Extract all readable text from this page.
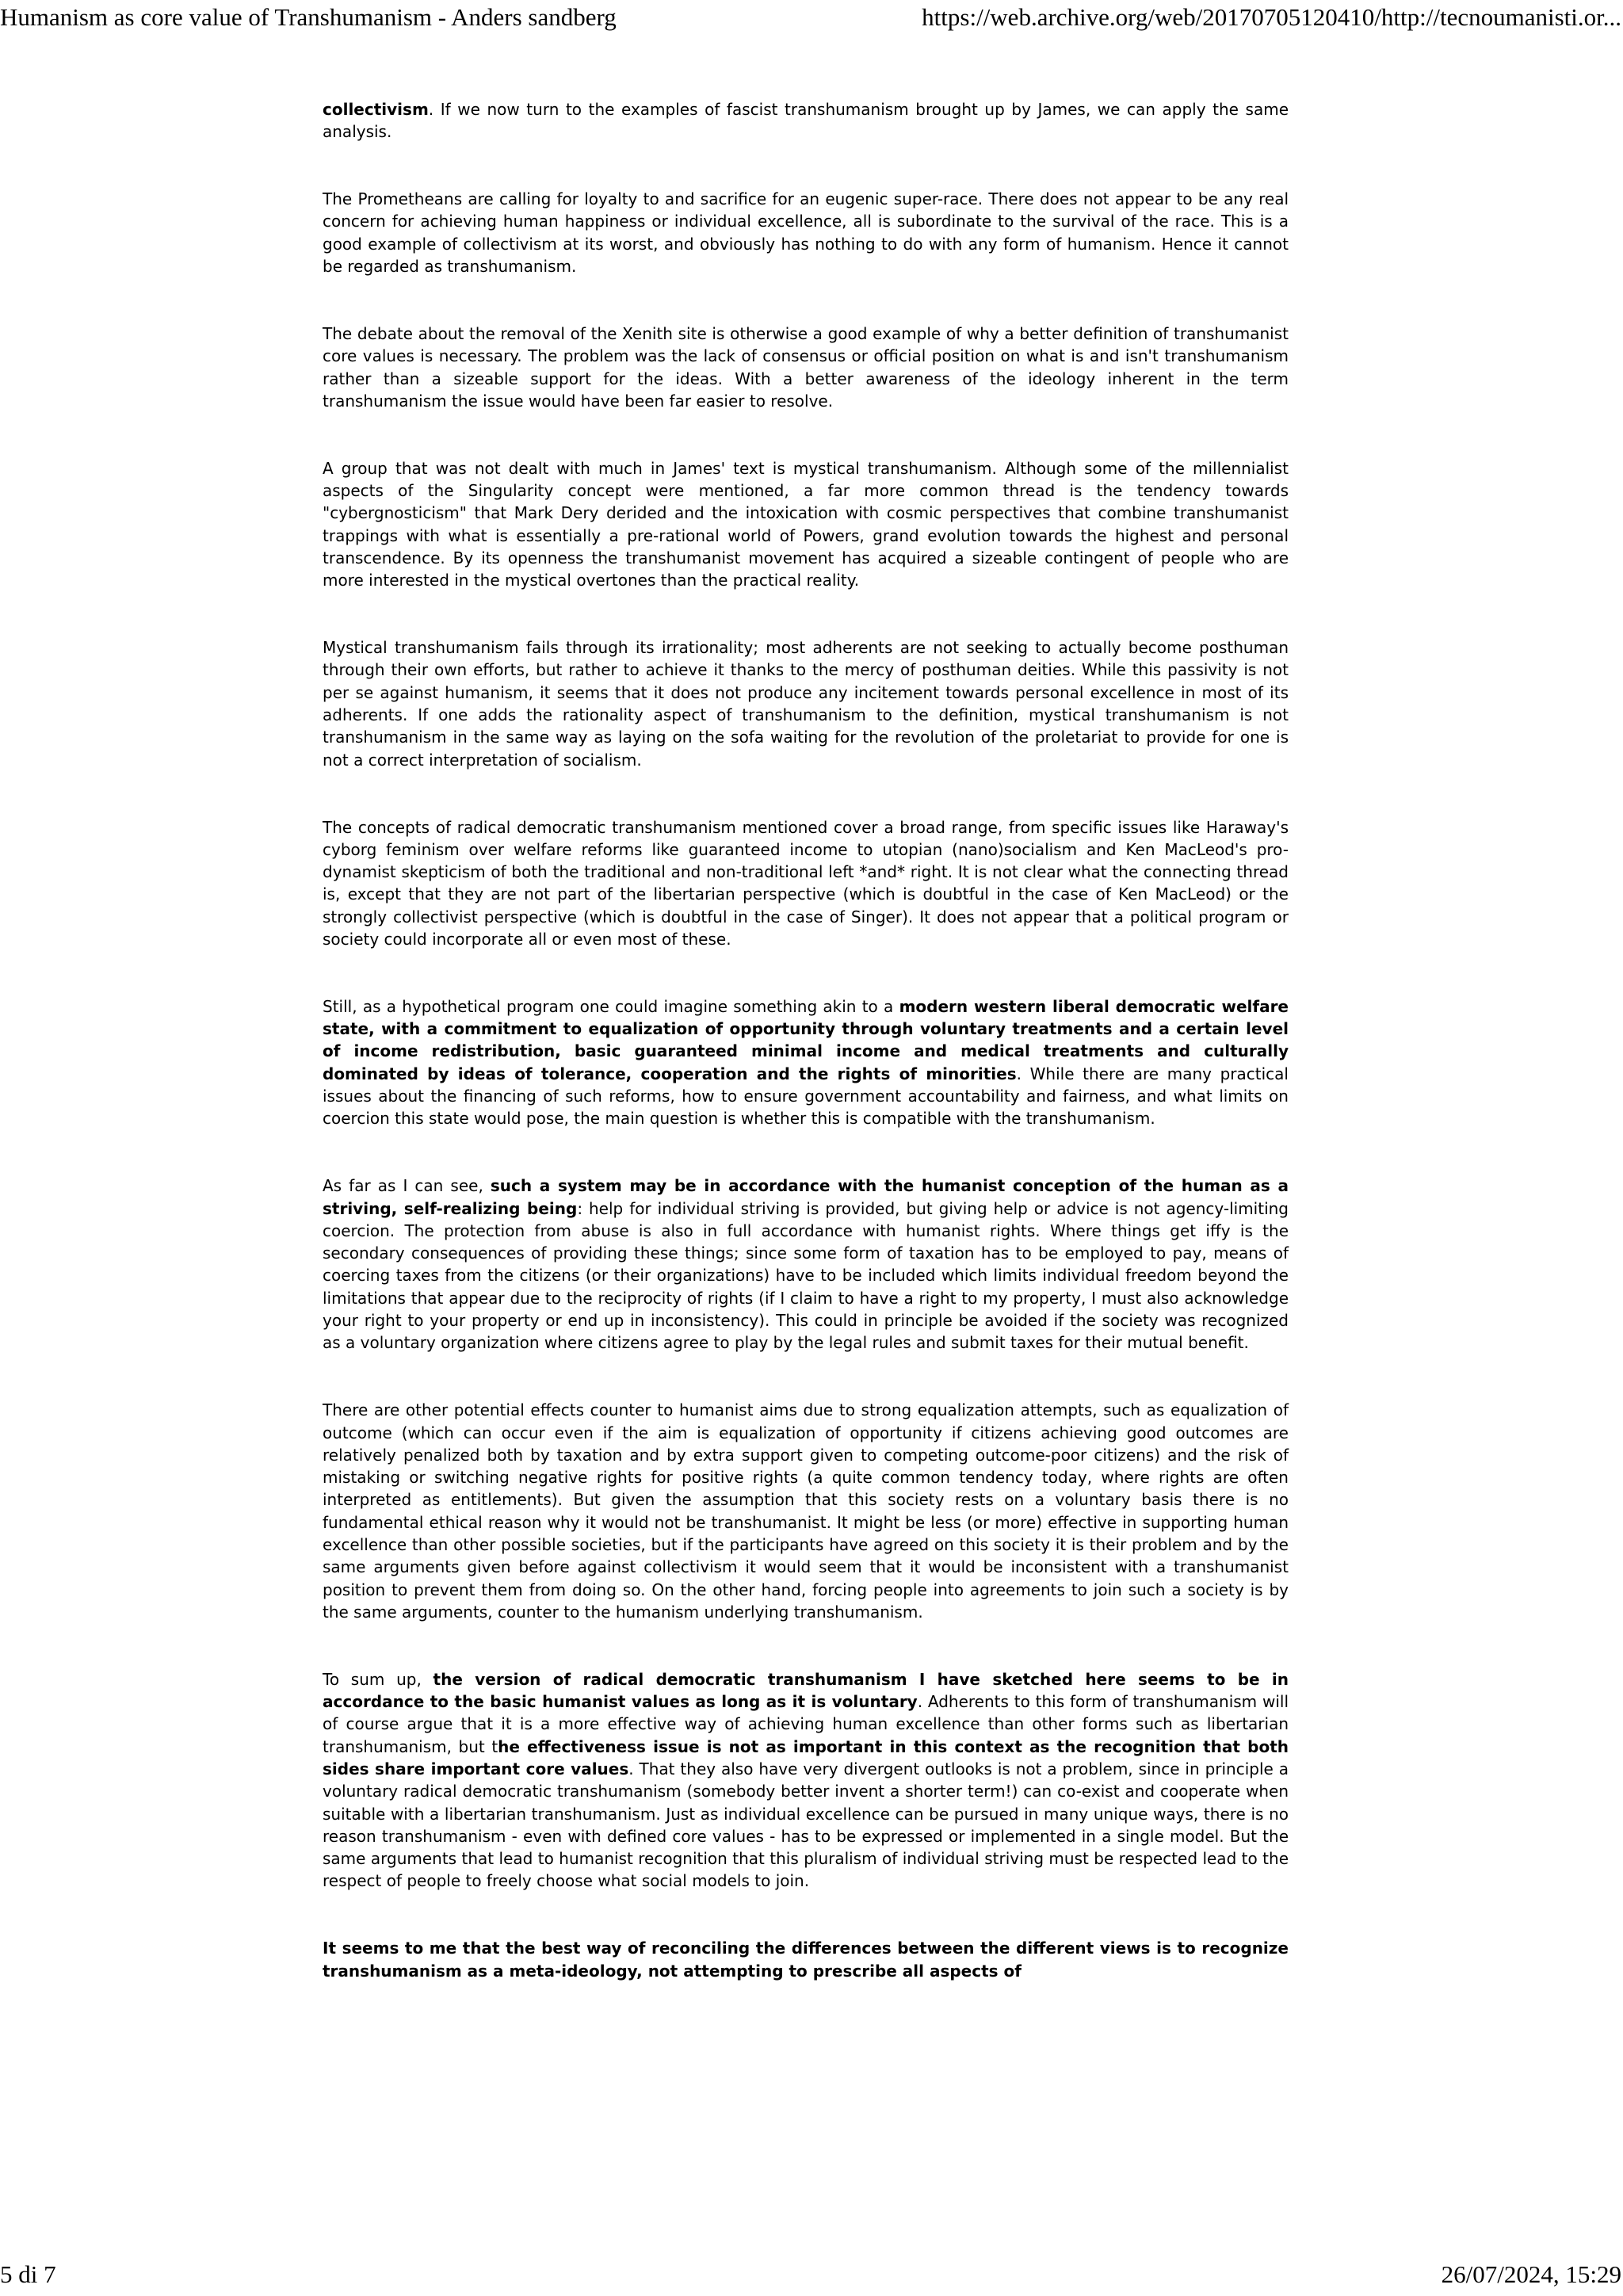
Humanism as core value of Transhumanism - Anders sandberg	https://web.archive.org/web/20170705120410/http://tecnoumanisti.or...

collectivism. If we now turn to the examples of fascist transhumanism brought up by James, we can apply the same analysis.

The Prometheans are calling for loyalty to and sacrifice for an eugenic super-race. There does not appear to be any real concern for achieving human happiness or individual excellence, all is subordinate to the survival of the race. This is a good example of collectivism at its worst, and obviously has nothing to do with any form of humanism. Hence it cannot be regarded as transhumanism.

The debate about the removal of the Xenith site is otherwise a good example of why a better definition of transhumanist core values is necessary. The problem was the lack of consensus or official position on what is and isn't transhumanism rather than a sizeable support for the ideas. With a better awareness of the ideology inherent in the term transhumanism the issue would have been far easier to resolve.

A group that was not dealt with much in James' text is mystical transhumanism. Although some of the millennialist aspects of the Singularity concept were mentioned, a far more common thread is the tendency towards "cybergnosticism" that Mark Dery derided and the intoxication with cosmic perspectives that combine transhumanist trappings with what is essentially a pre-rational world of Powers, grand evolution towards the highest and personal transcendence. By its openness the transhumanist movement has acquired a sizeable contingent of people who are more interested in the mystical overtones than the practical reality.

Mystical transhumanism fails through its irrationality; most adherents are not seeking to actually become posthuman through their own efforts, but rather to achieve it thanks to the mercy of posthuman deities. While this passivity is not per se against humanism, it seems that it does not produce any incitement towards personal excellence in most of its adherents. If one adds the rationality aspect of transhumanism to the definition, mystical transhumanism is not transhumanism in the same way as laying on the sofa waiting for the revolution of the proletariat to provide for one is not a correct interpretation of socialism.

The concepts of radical democratic transhumanism mentioned cover a broad range, from specific issues like Haraway's cyborg feminism over welfare reforms like guaranteed income to utopian (nano)socialism and Ken MacLeod's pro-dynamist skepticism of both the traditional and non-traditional left *and* right. It is not clear what the connecting thread is, except that they are not part of the libertarian perspective (which is doubtful in the case of Ken MacLeod) or the strongly collectivist perspective (which is doubtful in the case of Singer). It does not appear that a political program or society could incorporate all or even most of these.

Still, as a hypothetical program one could imagine something akin to a modern western liberal democratic welfare state, with a commitment to equalization of opportunity through voluntary treatments and a certain level of income redistribution, basic guaranteed minimal income and medical treatments and culturally dominated by ideas of tolerance, cooperation and the rights of minorities. While there are many practical issues about the financing of such reforms, how to ensure government accountability and fairness, and what limits on coercion this state would pose, the main question is whether this is compatible with the transhumanism.

As far as I can see, such a system may be in accordance with the humanist conception of the human as a striving, self-realizing being: help for individual striving is provided, but giving help or advice is not agency-limiting coercion. The protection from abuse is also in full accordance with humanist rights. Where things get iffy is the secondary consequences of providing these things; since some form of taxation has to be employed to pay, means of coercing taxes from the citizens (or their organizations) have to be included which limits individual freedom beyond the limitations that appear due to the reciprocity of rights (if I claim to have a right to my property, I must also acknowledge your right to your property or end up in inconsistency). This could in principle be avoided if the society was recognized as a voluntary organization where citizens agree to play by the legal rules and submit taxes for their mutual benefit.

There are other potential effects counter to humanist aims due to strong equalization attempts, such as equalization of outcome (which can occur even if the aim is equalization of opportunity if citizens achieving good outcomes are relatively penalized both by taxation and by extra support given to competing outcome-poor citizens) and the risk of mistaking or switching negative rights for positive rights (a quite common tendency today, where rights are often interpreted as entitlements). But given the assumption that this society rests on a voluntary basis there is no fundamental ethical reason why it would not be transhumanist. It might be less (or more) effective in supporting human excellence than other possible societies, but if the participants have agreed on this society it is their problem and by the same arguments given before against collectivism it would seem that it would be inconsistent with a transhumanist position to prevent them from doing so. On the other hand, forcing people into agreements to join such a society is by the same arguments, counter to the humanism underlying transhumanism.

To sum up, the version of radical democratic transhumanism I have sketched here seems to be in accordance to the basic humanist values as long as it is voluntary. Adherents to this form of transhumanism will of course argue that it is a more effective way of achieving human excellence than other forms such as libertarian transhumanism, but the effectiveness issue is not as important in this context as the recognition that both sides share important core values. That they also have very divergent outlooks is not a problem, since in principle a voluntary radical democratic transhumanism (somebody better invent a shorter term!) can co-exist and cooperate when suitable with a libertarian transhumanism. Just as individual excellence can be pursued in many unique ways, there is no reason transhumanism - even with defined core values - has to be expressed or implemented in a single model. But the same arguments that lead to humanist recognition that this pluralism of individual striving must be respected lead to the respect of people to freely choose what social models to join.

It seems to me that the best way of reconciling the differences between the different views is to recognize transhumanism as a meta-ideology, not attempting to prescribe all aspects of

5 di 7	26/07/2024, 15:29
